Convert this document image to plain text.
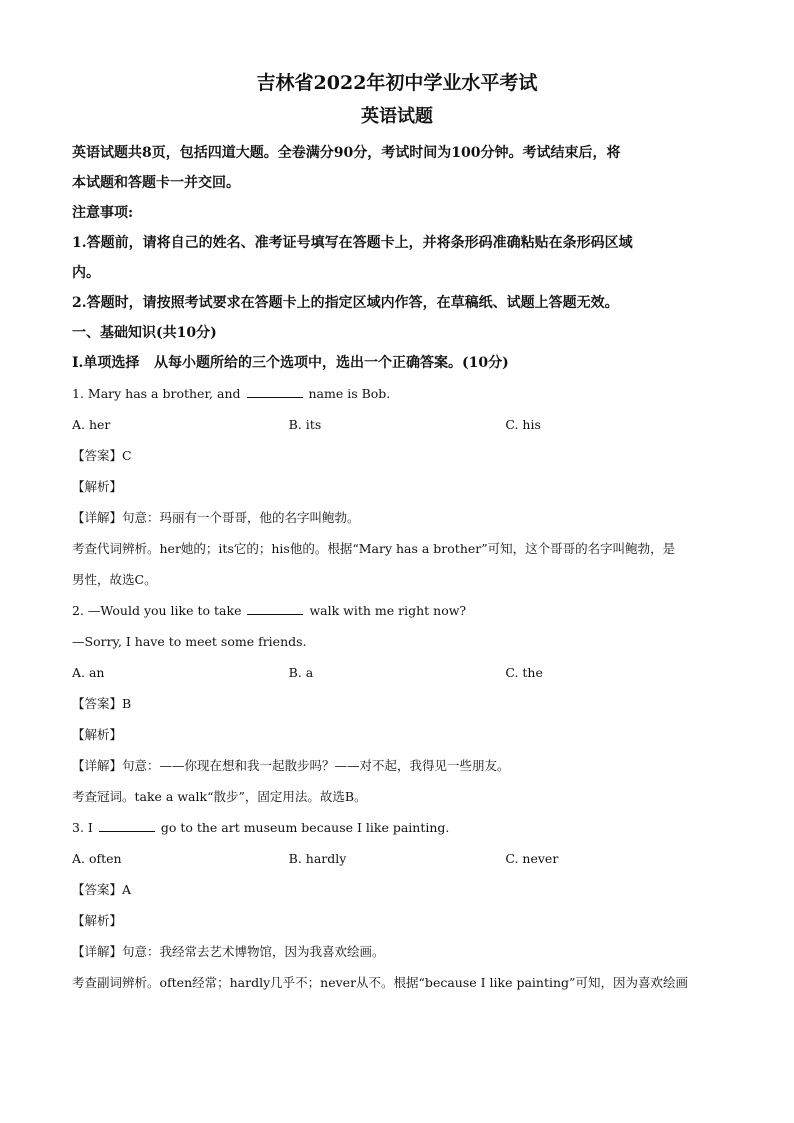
吉林省2022年初中学业水平考试

英语试题

英语试题共8页，包括四道大题。全卷满分90分，考试时间为100分钟。考试结束后，将

本试题和答题卡一并交回。

注意事项:

1.答题前，请将自己的姓名、准考证号填写在答题卡上，并将条形码准确粘贴在条形码区域

内。

2.答题时，请按照考试要求在答题卡上的指定区域内作答，在草稿纸、试题上答题无效。

一、基础知识(共10分)

I.单项选择   从每小题所给的三个选项中，选出一个正确答案。(10分)

1. Mary has a brother, and	name is Bob.

A. her	B. its	C. his

【答案】C

【解析】

【详解】句意：玛丽有一个哥哥，他的名字叫鲍勃。

考查代词辨析。her她的；its它的；his他的。根据“Mary has a brother”可知，这个哥哥的名字叫鲍勃，是

男性，故选C。

2. —Would you like to take	walk with me right now?

—Sorry, I have to meet some friends.

A. an	B. a	C. the

【答案】B

【解析】

【详解】句意：——你现在想和我一起散步吗？——对不起，我得见一些朋友。

考查冠词。take a walk“散步”，固定用法。故选B。

3. I	go to the art museum because I like painting.

A. often	B. hardly	C. never

【答案】A

【解析】

【详解】句意：我经常去艺术博物馆，因为我喜欢绘画。

考查副词辨析。often经常；hardly几乎不；never从不。根据“because I like painting”可知，因为喜欢绘画
